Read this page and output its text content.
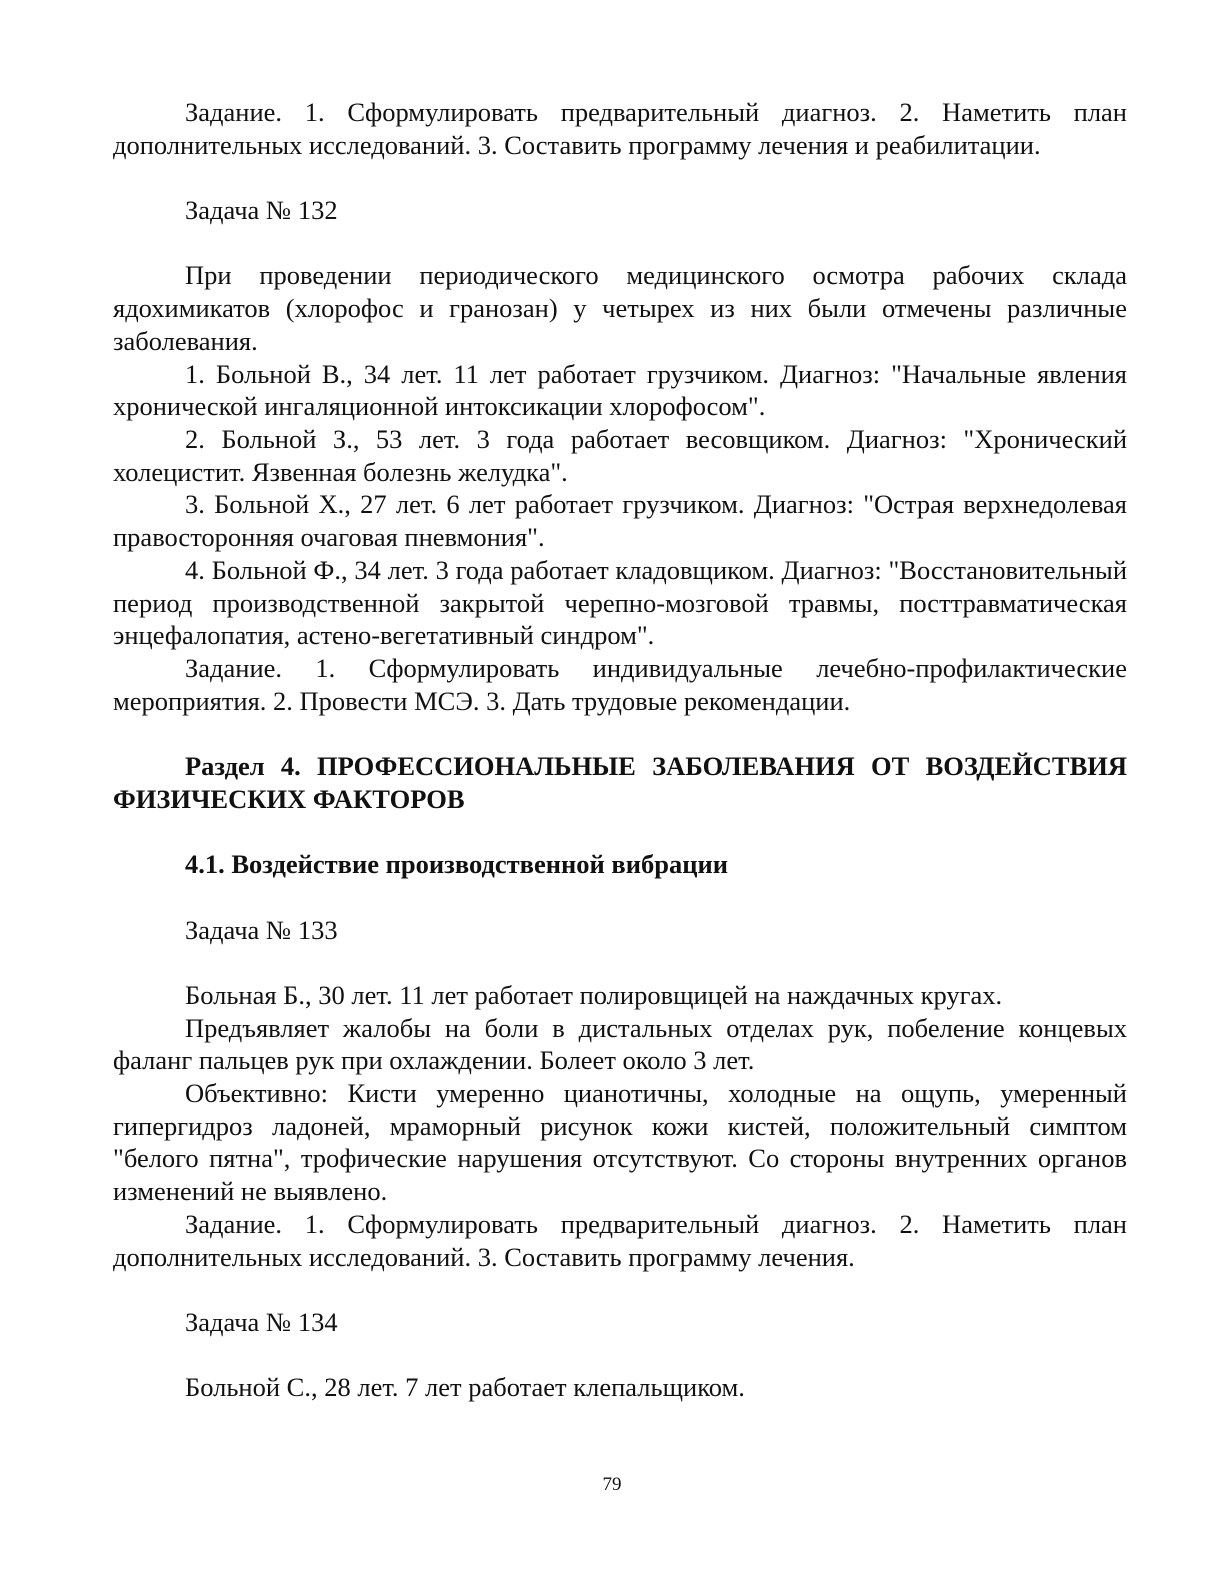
Задание. 1. Сформулировать предварительный диагноз. 2. Наметить план дополнительных исследований. 3. Составить программу лечения и реабилитации.

Задача № 132

При проведении периодического медицинского осмотра рабочих склада ядохимикатов (хлорофос и гранозан) у четырех из них были отмечены различные заболевания.

1. Больной В., 34 лет. 11 лет работает грузчиком. Диагноз: "Начальные явления хронической ингаляционной интоксикации хлорофосом".

2. Больной З., 53 лет. 3 года работает весовщиком. Диагноз: "Хронический холецистит. Язвенная болезнь желудка".

3. Больной Х., 27 лет. 6 лет работает грузчиком. Диагноз: "Острая верхнедолевая правосторонняя очаговая пневмония".

4. Больной Ф., 34 лет. 3 года работает кладовщиком. Диагноз: "Восстановительный период производственной закрытой черепно-мозговой травмы, посттравматическая энцефалопатия, астено-вегетативный синдром".

Задание. 1. Сформулировать индивидуальные лечебно-профилактические мероприятия. 2. Провести МСЭ. 3. Дать трудовые рекомендации.

Раздел 4. ПРОФЕССИОНАЛЬНЫЕ ЗАБОЛЕВАНИЯ ОТ ВОЗДЕЙСТВИЯ ФИЗИЧЕСКИХ ФАКТОРОВ

4.1. Воздействие производственной вибрации

Задача № 133

Больная Б., 30 лет. 11 лет работает полировщицей на наждачных кругах.

Предъявляет жалобы на боли в дистальных отделах рук, побеление концевых фаланг пальцев рук при охлаждении. Болеет около 3 лет.

Объективно: Кисти умеренно цианотичны, холодные на ощупь, умеренный гипергидроз ладоней, мраморный рисунок кожи кистей, положительный симптом "белого пятна", трофические нарушения отсутствуют. Со стороны внутренних органов изменений не выявлено.

Задание. 1. Сформулировать предварительный диагноз. 2. Наметить план дополнительных исследований. 3. Составить программу лечения.

Задача № 134

Больной С., 28 лет. 7 лет работает клепальщиком.

79
